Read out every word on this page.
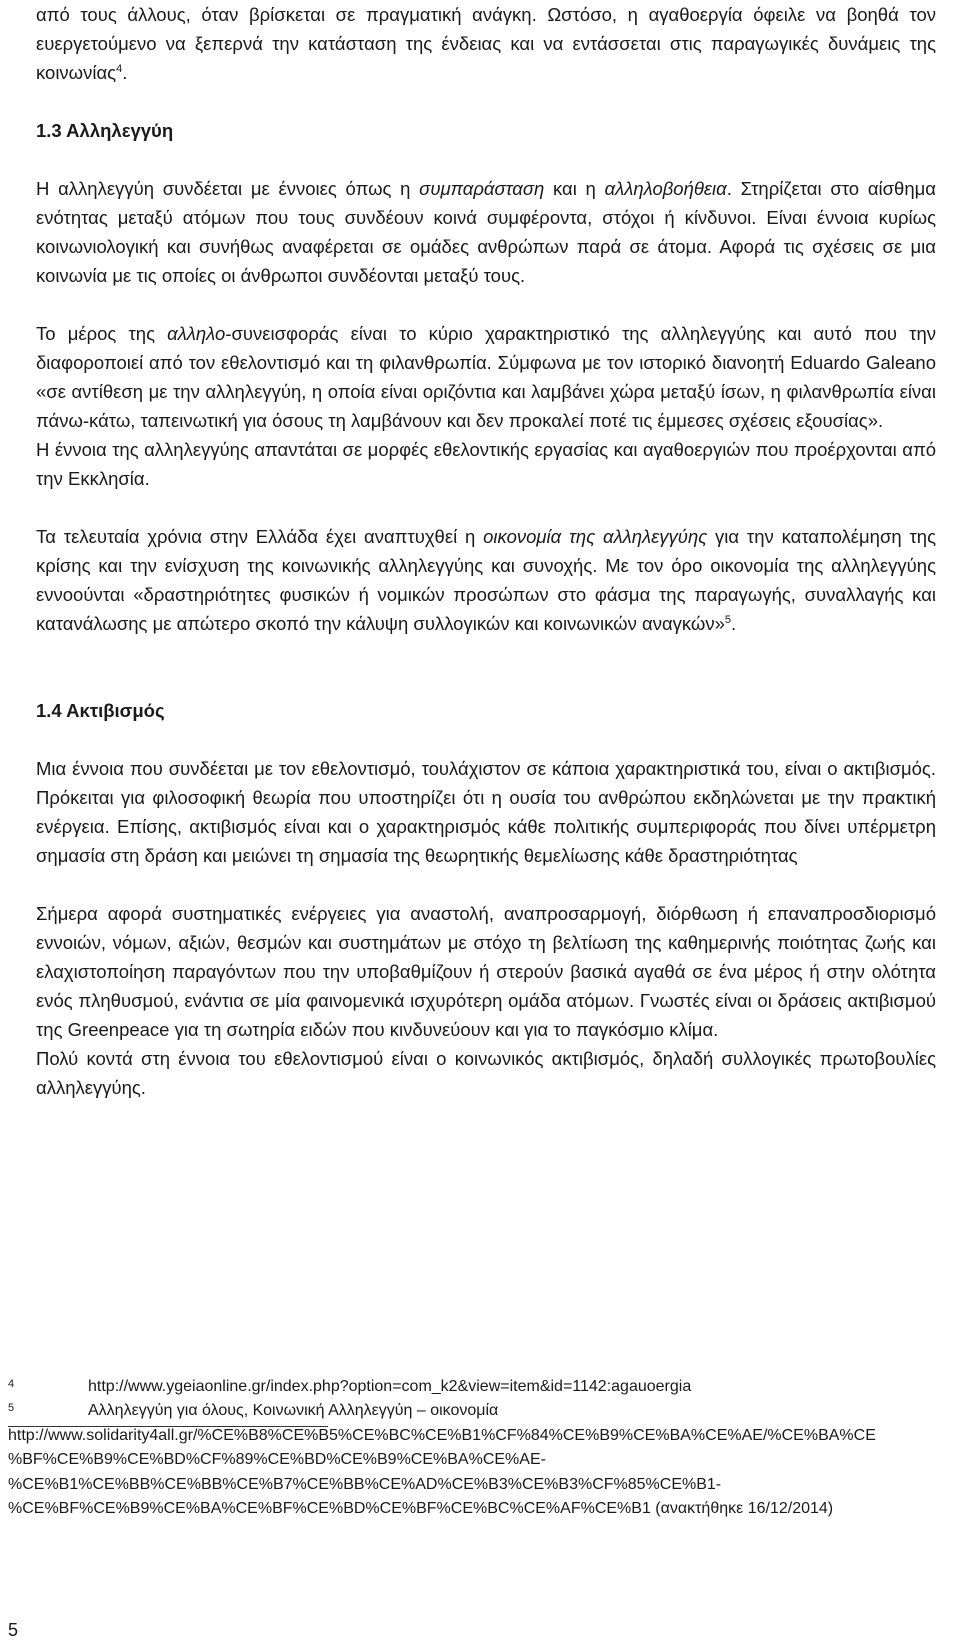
από τους άλλους, όταν βρίσκεται σε πραγματική ανάγκη. Ωστόσο, η αγαθοεργία όφειλε να βοηθά τον ευεργετούμενο να ξεπερνά την κατάσταση της ένδειας και να εντάσσεται στις παραγωγικές δυνάμεις της κοινωνίας$^4$.

1.3 Αλληλεγγύη

Η αλληλεγγύη συνδέεται με έννοιες όπως η συμπαράσταση και η αλληλοβοήθεια. Στηρίζεται στο αίσθημα ενότητας μεταξύ ατόμων που τους συνδέουν κοινά συμφέροντα, στόχοι ή κίνδυνοι. Είναι έννοια κυρίως κοινωνιολογική και συνήθως αναφέρεται σε ομάδες ανθρώπων παρά σε άτομα. Αφορά τις σχέσεις σε μια κοινωνία με τις οποίες οι άνθρωποι συνδέονται μεταξύ τους.

Το μέρος της αλληλο-συνεισφοράς είναι το κύριο χαρακτηριστικό της αλληλεγγύης και αυτό που την διαφοροποιεί από τον εθελοντισμό και τη φιλανθρωπία. Σύμφωνα με τον ιστορικό διανοητή Eduardo Galeano «σε αντίθεση με την αλληλεγγύη, η οποία είναι οριζόντια και λαμβάνει χώρα μεταξύ ίσων, η φιλανθρωπία είναι πάνω-κάτω, ταπεινωτική για όσους τη λαμβάνουν και δεν προκαλεί ποτέ τις έμμεσες σχέσεις εξουσίας».

Η έννοια της αλληλεγγύης απαντάται σε μορφές εθελοντικής εργασίας και αγαθοεργιών που προέρχονται από την Εκκλησία.

Τα τελευταία χρόνια στην Ελλάδα έχει αναπτυχθεί η οικονομία της αλληλεγγύης για την καταπολέμηση της κρίσης και την ενίσχυση της κοινωνικής αλληλεγγύης και συνοχής. Με τον όρο οικονομία της αλληλεγγύης εννοούνται «δραστηριότητες φυσικών ή νομικών προσώπων στο φάσμα της παραγωγής, συναλλαγής και κατανάλωσης με απώτερο σκοπό την κάλυψη συλλογικών και κοινωνικών αναγκών»$^5$.

1.4 Ακτιβισμός

Μια έννοια που συνδέεται με τον εθελοντισμό, τουλάχιστον σε κάποια χαρακτηριστικά του, είναι ο ακτιβισμός. Πρόκειται για φιλοσοφική θεωρία που υποστηρίζει ότι η ουσία του ανθρώπου εκδηλώνεται με την πρακτική ενέργεια. Επίσης, ακτιβισμός είναι και ο χαρακτηρισμός κάθε πολιτικής συμπεριφοράς που δίνει υπέρμετρη σημασία στη δράση και μειώνει τη σημασία της θεωρητικής θεμελίωσης κάθε δραστηριότητας

Σήμερα αφορά συστηματικές ενέργειες για αναστολή, αναπροσαρμογή, διόρθωση ή επαναπροσδιορισμό εννοιών, νόμων, αξιών, θεσμών και συστημάτων με στόχο τη βελτίωση της καθημερινής ποιότητας ζωής και ελαχιστοποίηση παραγόντων που την υποβαθμίζουν ή στερούν βασικά αγαθά σε ένα μέρος ή στην ολότητα ενός πληθυσμού, ενάντια σε μία φαινομενικά ισχυρότερη ομάδα ατόμων. Γνωστές είναι οι δράσεις ακτιβισμού της Greenpeace για τη σωτηρία ειδών που κινδυνεύουν και για το παγκόσμιο κλίμα.

Πολύ κοντά στη έννοια του εθελοντισμού είναι ο κοινωνικός ακτιβισμός, δηλαδή συλλογικές πρωτοβουλίες αλληλεγγύης.

4	http://www.ygeiaonline.gr/index.php?option=com_k2&view=item&id=1142:agauoergia
5	Αλληλεγγύη για όλους, Κοινωνική Αλληλεγγύη – οικονομία
http://www.solidarity4all.gr/%CE%B8%CE%B5%CE%BC%CE%B1%CF%84%CE%B9%CE%BA%CE%AE/%CE%BA%CE
%BF%CE%B9%CE%BD%CF%89%CE%BD%CE%B9%CE%BA%CE%AE-
%CE%B1%CE%BB%CE%BB%CE%B7%CE%BB%CE%AD%CE%B3%CE%B3%CF%85%CE%B1-
%CE%BF%CE%B9%CE%BA%CE%BF%CE%BD%CE%BF%CE%BC%CE%AF%CE%B1 (ανακτήθηκε 16/12/2014)
5
